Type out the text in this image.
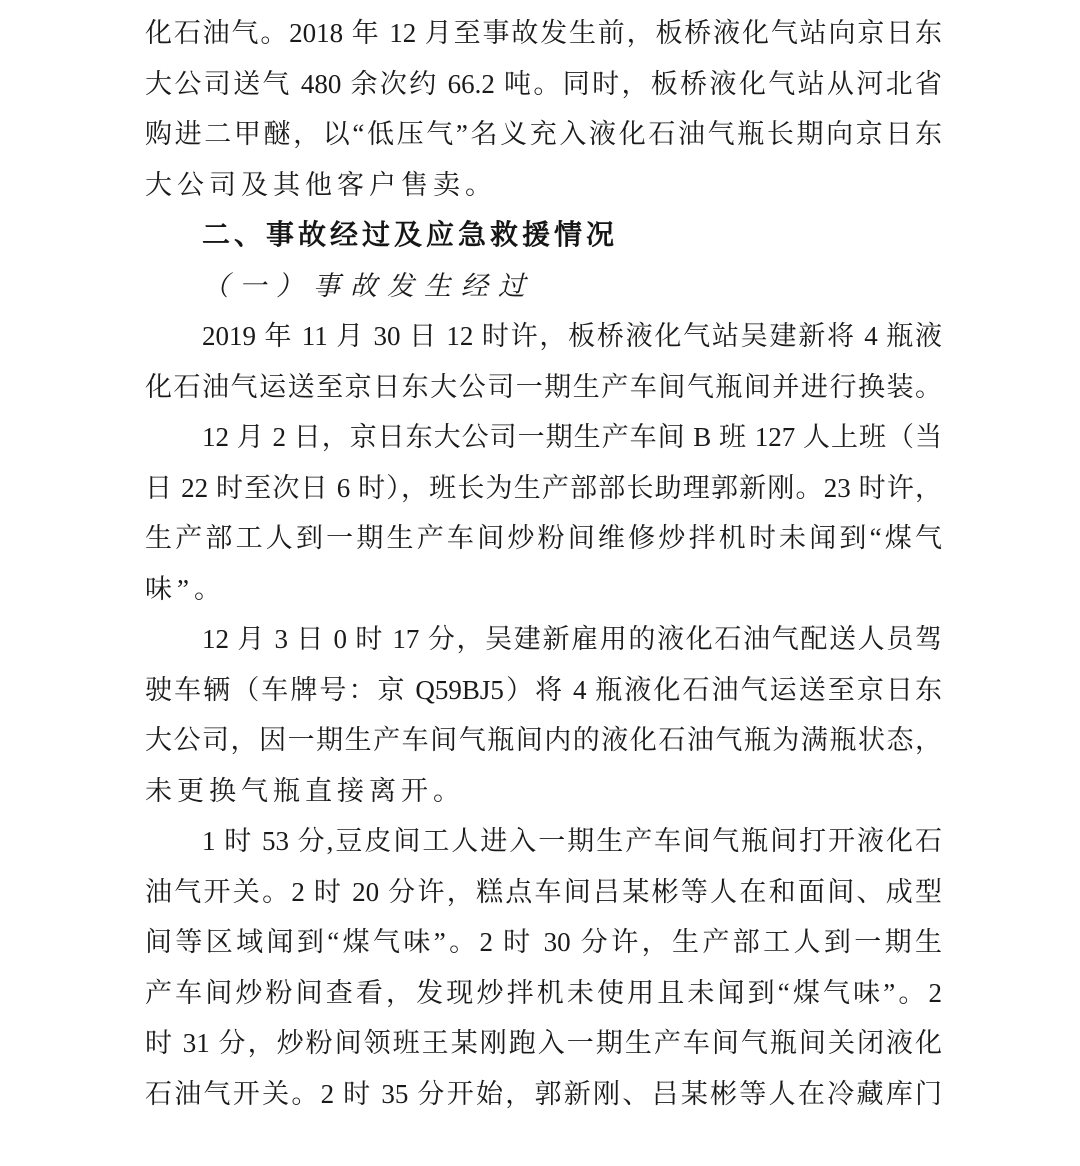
化石油气。2018 年 12 月至事故发生前，板桥液化气站向京日东
大公司送气 480 余次约 66.2 吨。同时，板桥液化气站从河北省
购进二甲醚，以“低压气”名义充入液化石油气瓶长期向京日东
大公司及其他客户售卖。
二、事故经过及应急救援情况
（一）事故发生经过
2019 年 11 月 30 日 12 时许，板桥液化气站吴建新将 4 瓶液
化石油气运送至京日东大公司一期生产车间气瓶间并进行换装。
12 月 2 日，京日东大公司一期生产车间 B 班 127 人上班（当
日 22 时至次日 6 时），班长为生产部部长助理郭新刚。23 时许，
生产部工人到一期生产车间炒粉间维修炒拌机时未闻到“煤气
味”。
12 月 3 日 0 时 17 分，吴建新雇用的液化石油气配送人员驾
驶车辆（车牌号：京 Q59BJ5）将 4 瓶液化石油气运送至京日东
大公司，因一期生产车间气瓶间内的液化石油气瓶为满瓶状态，
未更换气瓶直接离开。
1 时 53 分,豆皮间工人进入一期生产车间气瓶间打开液化石
油气开关。2 时 20 分许，糕点车间吕某彬等人在和面间、成型
间等区域闻到“煤气味”。2 时 30 分许，生产部工人到一期生
产车间炒粉间查看，发现炒拌机未使用且未闻到“煤气味”。2
时 31 分，炒粉间领班王某刚跑入一期生产车间气瓶间关闭液化
石油气开关。2 时 35 分开始，郭新刚、吕某彬等人在冷藏库门
